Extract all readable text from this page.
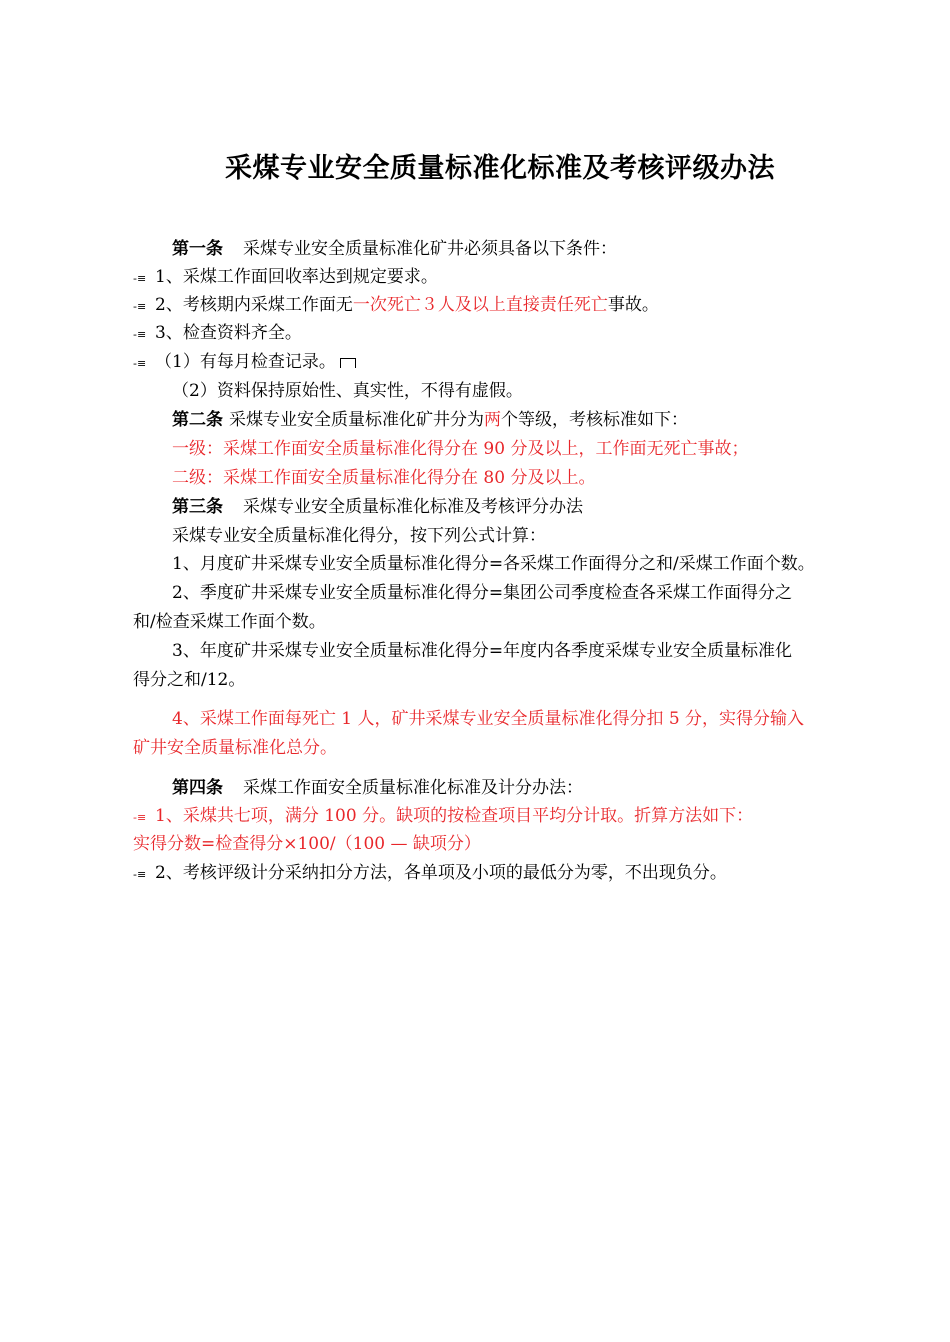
采煤专业安全质量标准化标准及考核评级办法
第一条 采煤专业安全质量标准化矿井必须具备以下条件：
-≡ 1、采煤工作面回收率达到规定要求。
-≡ 2、考核期内采煤工作面无一次死亡３人及以上直接责任死亡事故。
-≡ 3、检查资料齐全。
-≡ （1）有每月检查记录。
（2）资料保持原始性、真实性，不得有虚假。
第二条 采煤专业安全质量标准化矿井分为两个等级，考核标准如下：
一级：采煤工作面安全质量标准化得分在 90 分及以上，工作面无死亡事故；
二级：采煤工作面安全质量标准化得分在 80 分及以上。
第三条 采煤专业安全质量标准化标准及考核评分办法
采煤专业安全质量标准化得分，按下列公式计算：
1、月度矿井采煤专业安全质量标准化得分=各采煤工作面得分之和/采煤工作面个数。
2、季度矿井采煤专业安全质量标准化得分=集团公司季度检查各采煤工作面得分之
和/检查采煤工作面个数。
3、年度矿井采煤专业安全质量标准化得分=年度内各季度采煤专业安全质量标准化
得分之和/12。
4、采煤工作面每死亡 1 人，矿井采煤专业安全质量标准化得分扣 5 分，实得分输入
矿井安全质量标准化总分。
第四条 采煤工作面安全质量标准化标准及计分办法：
-≡ 1、采煤共七项，满分 100 分。缺项的按检查项目平均分计取。折算方法如下：
实得分数=检查得分×100/（100 — 缺项分）
-≡ 2、考核评级计分采纳扣分方法，各单项及小项的最低分为零，不出现负分。
